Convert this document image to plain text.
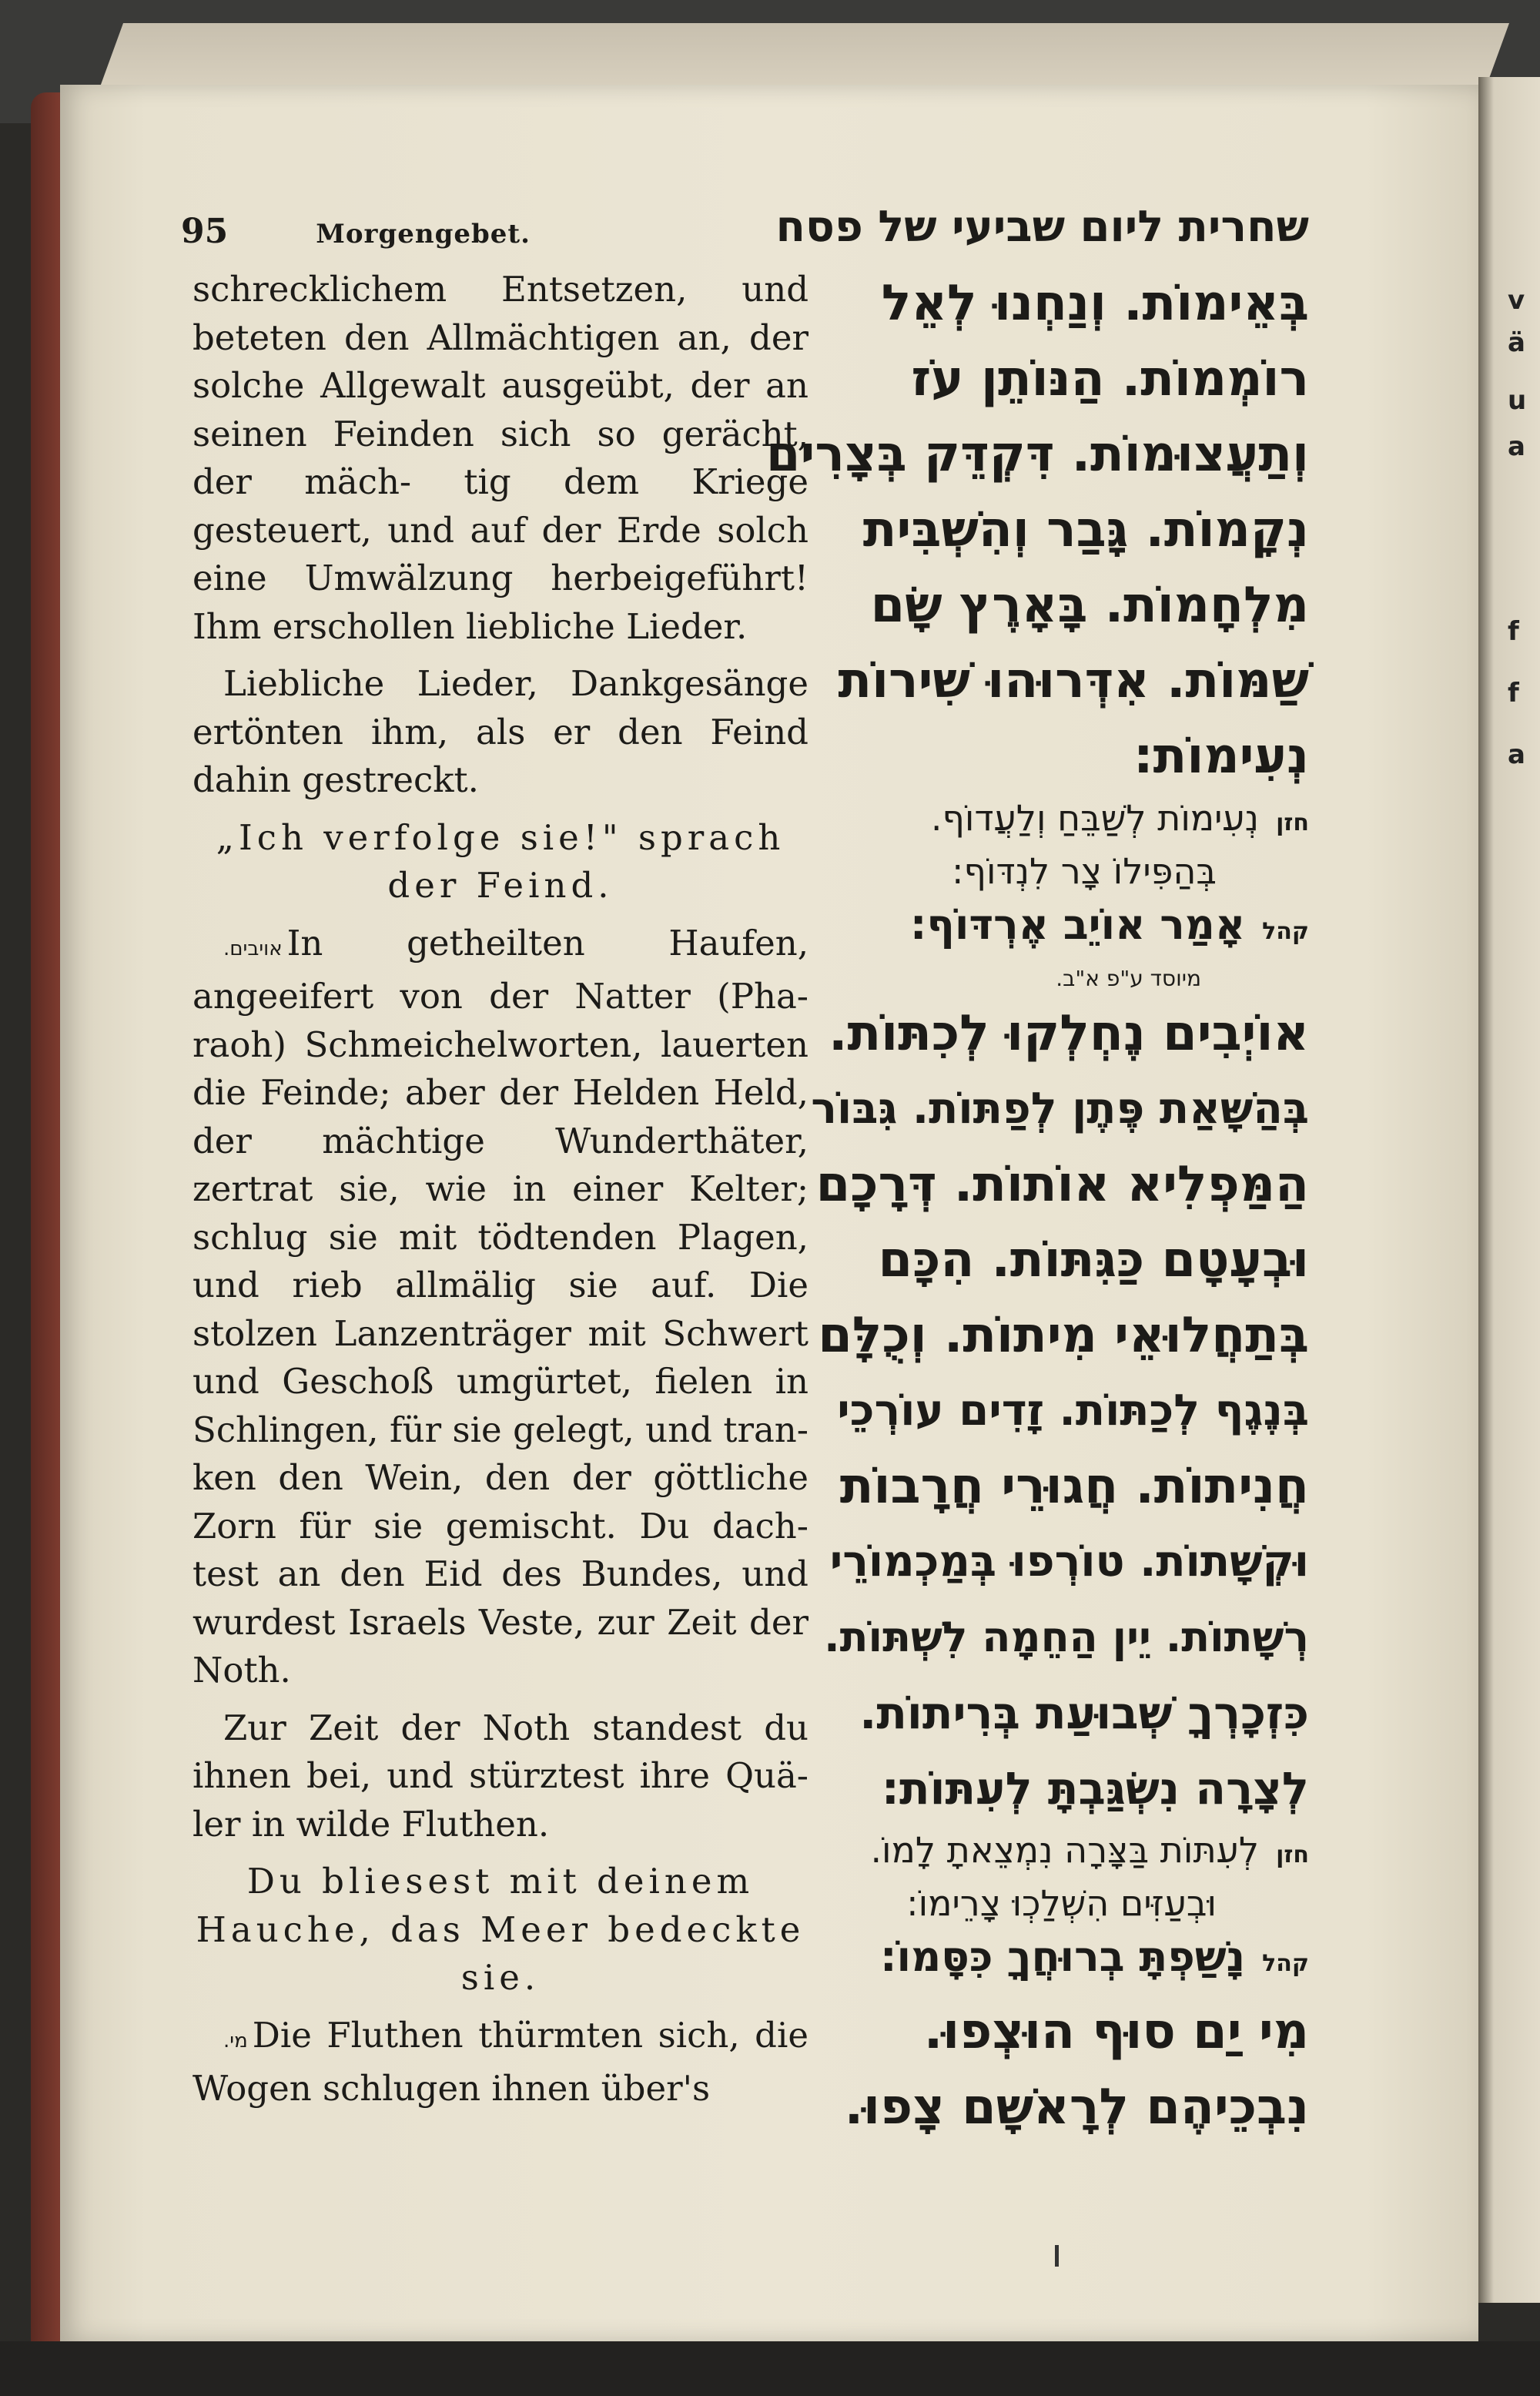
v
ä
u
a
f
f
a
95	Morgengebet.	שחרית ליום שביעי של פסח

schrecklichem Entsetzen, und beteten den Allmächtigen an, der solche Allgewalt ausgeübt, der an seinen Feinden sich so gerächt, der mäch- tig dem Kriege gesteuert, und auf der Erde solch eine Umwälzung herbeigeführt! Ihm erschollen liebliche Lieder.

Liebliche Lieder, Dankgesänge ertönten ihm, als er den Feind dahin gestreckt.

„Ich verfolge sie!" sprach der Feind.

אויבים. In getheilten Haufen, angeeifert von der Natter (Pha- raoh) Schmeichelworten, lauerten die Feinde; aber der Helden Held, der mächtige Wunderthäter, zertrat sie, wie in einer Kelter; schlug sie mit tödtenden Plagen, und rieb allmälig sie auf. Die stolzen Lanzenträger mit Schwert und Geschoß umgürtet, fielen in Schlingen, für sie gelegt, und tran- ken den Wein, den der göttliche Zorn für sie gemischt. Du dach- test an den Eid des Bundes, und wurdest Israels Veste, zur Zeit der Noth.

Zur Zeit der Noth standest du ihnen bei, und stürztest ihre Quä- ler in wilde Fluthen.

Du bliesest mit deinem Hauche, das Meer bedeckte sie.

מי. Die Fluthen thürmten sich, die Wogen schlugen ihnen über's

בְּאֵימוֹת. וְנַחְנוּ לְאֵל
רוֹמְמוֹת. הַנּוֹתֵן עֹז
וְתַעֲצוּמוֹת. דִּקְדֵּק בְּצָרִים
נְקָמוֹת. גָּבַר וְהִשְׁבִּית
מִלְחָמוֹת. בָּאָרֶץ שָׂם
שַׁמּוֹת. אִדְּרוּהוּ שִׁירוֹת
נְעִימוֹת:
חזןנְעִימוֹת לְשַׁבֵּחַ וְלַעֲדוֹף.
בְּהַפִּילוֹ צָר לִנְדּוֹף:
קהלאָמַר אוֹיֵב אֶרְדּוֹף:
מיוסד ע"פ א"ב.
אוֹיְבִים נֶחְלְקוּ לְכִתּוֹת.
בְּהַשָּׁאַת פֶּתֶן לְפַתּוֹת. גִּבּוֹר
הַמַּפְלִיא אוֹתוֹת. דְּרָכָם
וּבְעָטָם כַּגִּתּוֹת. הִכָּם
בְּתַחֲלוּאֵי מִיתוֹת. וְכֻלָּם
בְּנֶגֶף לְכַתּוֹת. זָדִים עוֹרְכֵי
חֲנִיתוֹת. חֲגוּרֵי חֲרָבוֹת
וּקְשָׁתוֹת. טוֹרְפוּ בְּמַכְמוֹרֵי
רְשָׁתוֹת. יֵין הַחֵמָה לִשְׁתּוֹת.
כִּזְכָרְךָ שְׁבוּעַת בְּרִיתוֹת.
לְצָרָה נִשְׂגַּבְתָּ לְעִתּוֹת:
חזןלְעִתּוֹת בַּצָּרָה נִמְצֵאתָ לָמוֹ.
וּבְעַזִּים הִשְׁלַכְוּ צָרֵימוֹ:
קהלנָשַׁפְתָּ בְרוּחֲךָ כִּסָּמוֹ:
מִי יַם סוּף הוּצְפוּ.
נִבְכֵיהֶם לְרָאשָׁם צָפוּ.
